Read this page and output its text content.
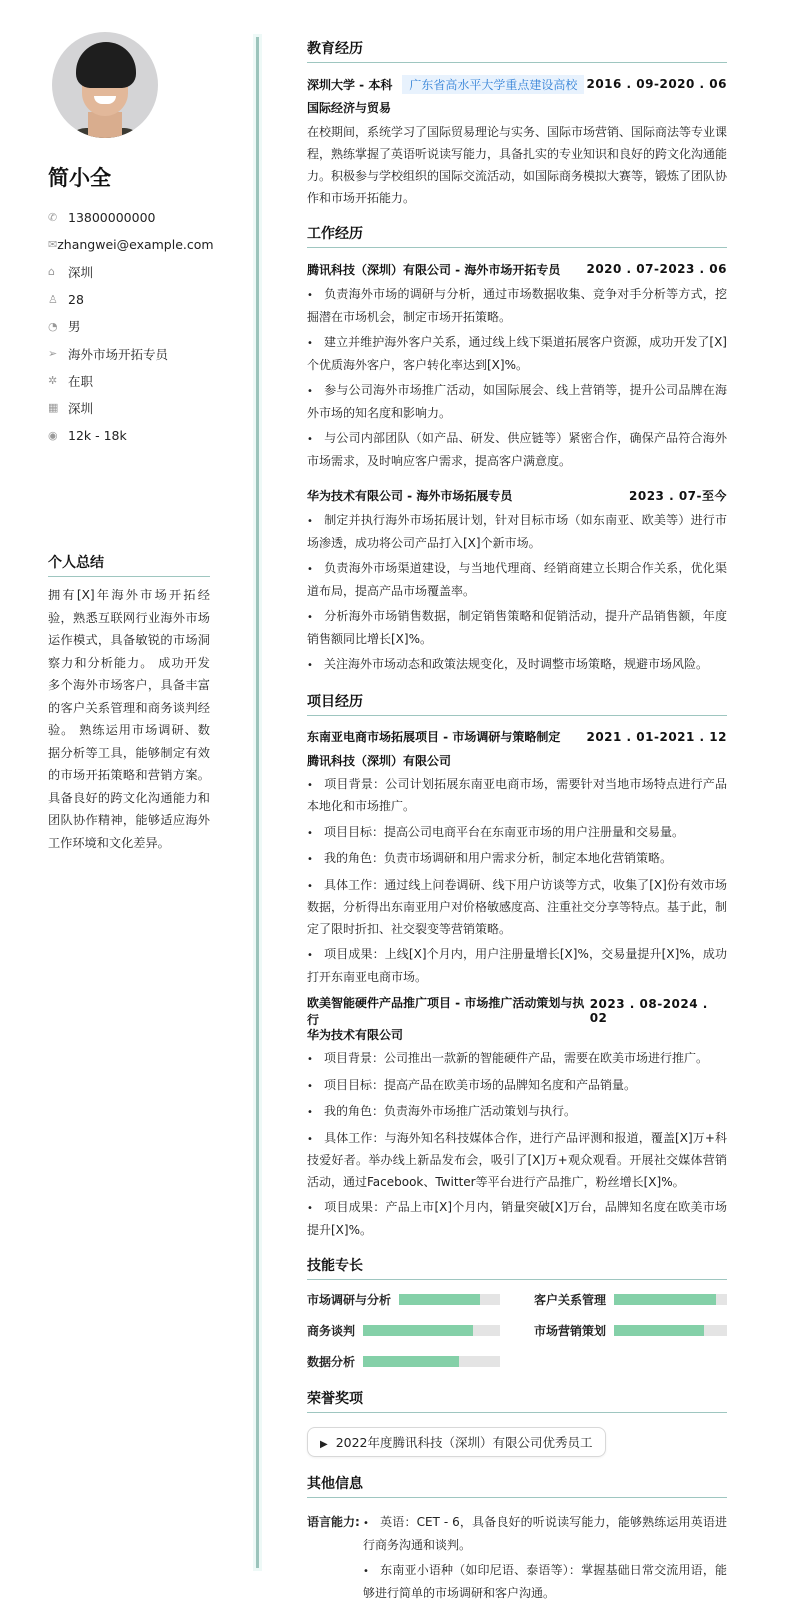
简小全
✆ 13800000000
✉ zhangwei@example.com
⌂	深圳
♙ 28
◔ 男
➢ 海外市场开拓专员
✲ 在职
▦ 深圳
◉ 12k - 18k
个人总结
拥有[X]年海外市场开拓经验，熟悉互联网行业海外市场运作模式，具备敏锐的市场洞察力和分析能力。 成功开发多个海外市场客户，具备丰富的客户关系管理和商务谈判经验。 熟练运用市场调研、数据分析等工具，能够制定有效的市场开拓策略和营销方案。 具备良好的跨文化沟通能力和团队协作精神，能够适应海外工作环境和文化差异。
教育经历
深圳大学 - 本科 广东省高水平大学重点建设高校 2016 . 09-2020 . 06
国际经济与贸易
在校期间，系统学习了国际贸易理论与实务、国际市场营销、国际商法等专业课程，熟练掌握了英语听说读写能力，具备扎实的专业知识和良好的跨文化沟通能力。积极参与学校组织的国际交流活动，如国际商务模拟大赛等，锻炼了团队协作和市场开拓能力。
工作经历
腾讯科技（深圳）有限公司 - 海外市场开拓专员 2020 . 07-2023 . 06
• 负责海外市场的调研与分析，通过市场数据收集、竞争对手分析等方式，挖掘潜在市场机会，制定市场开拓策略。
• 建立并维护海外客户关系，通过线上线下渠道拓展客户资源，成功开发了[X]个优质海外客户，客户转化率达到[X]%。
• 参与公司海外市场推广活动，如国际展会、线上营销等，提升公司品牌在海外市场的知名度和影响力。
• 与公司内部团队（如产品、研发、供应链等）紧密合作，确保产品符合海外市场需求，及时响应客户需求，提高客户满意度。
华为技术有限公司 - 海外市场拓展专员	2023 . 07-至今
• 制定并执行海外市场拓展计划，针对目标市场（如东南亚、欧美等）进行市场渗透，成功将公司产品打入[X]个新市场。
• 负责海外市场渠道建设，与当地代理商、经销商建立长期合作关系，优化渠道布局，提高产品市场覆盖率。
• 分析海外市场销售数据，制定销售策略和促销活动，提升产品销售额，年度销售额同比增长[X]%。
• 关注海外市场动态和政策法规变化，及时调整市场策略，规避市场风险。
项目经历
东南亚电商市场拓展项目 - 市场调研与策略制定 2021 . 01-2021 . 12
腾讯科技（深圳）有限公司
• 项目背景：公司计划拓展东南亚电商市场，需要针对当地市场特点进行产品本地化和市场推广。
• 项目目标：提高公司电商平台在东南亚市场的用户注册量和交易量。
• 我的角色：负责市场调研和用户需求分析，制定本地化营销策略。
• 具体工作：通过线上问卷调研、线下用户访谈等方式，收集了[X]份有效市场数据，分析得出东南亚用户对价格敏感度高、注重社交分享等特点。基于此，制定了限时折扣、社交裂变等营销策略。
• 项目成果：上线[X]个月内，用户注册量增长[X]%，交易量提升[X]%，成功打开东南亚电商市场。
欧美智能硬件产品推广项目 - 市场推广活动策划与执行
2023 . 08-2024 . 02
华为技术有限公司
• 项目背景：公司推出一款新的智能硬件产品，需要在欧美市场进行推广。
• 项目目标：提高产品在欧美市场的品牌知名度和产品销量。
• 我的角色：负责海外市场推广活动策划与执行。
• 具体工作：与海外知名科技媒体合作，进行产品评测和报道，覆盖[X]万+科技爱好者。举办线上新品发布会，吸引了[X]万+观众观看。开展社交媒体营销活动，通过Facebook、Twitter等平台进行产品推广，粉丝增长[X]%。
• 项目成果：产品上市[X]个月内，销量突破[X]万台，品牌知名度在欧美市场提升[X]%。
技能专长
市场调研与分析	客户关系管理
商务谈判	市场营销策划
数据分析
荣誉奖项
▶ 2022年度腾讯科技（深圳）有限公司优秀员工
其他信息
语言能力: • 英语：CET - 6，具备良好的听说读写能力，能够熟练运用英语进行商务沟通和谈判。
• 东南亚小语种（如印尼语、泰语等）：掌握基础日常交流用语，能够进行简单的市场调研和客户沟通。
